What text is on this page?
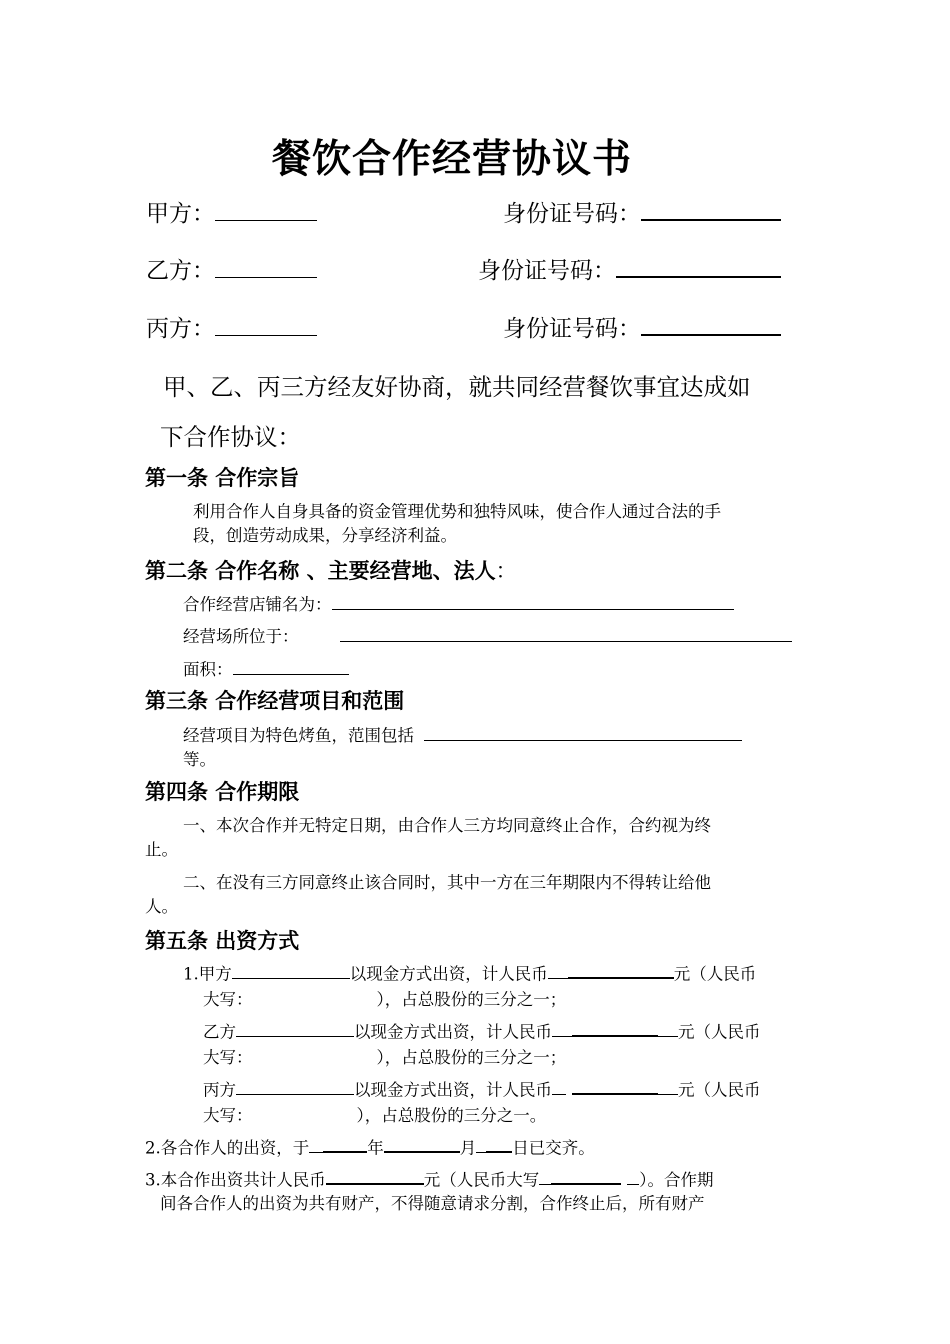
餐饮合作经营协议书
甲方：	身份证号码：
乙方：	身份证号码：
丙方：	身份证号码：
甲、乙、丙三方经友好协商，就共同经营餐饮事宜达成如
下合作协议：
第一条 合作宗旨
利用合作人自身具备的资金管理优势和独特风味，使合作人通过合法的手
段，创造劳动成果，分享经济利益。
第二条 合作名称 、主要经营地、法人：
合作经营店铺名为：
经营场所位于：
面积：
第三条 合作经营项目和范围
经营项目为特色烤鱼，范围包括
等。
第四条 合作期限
一、本次合作并无特定日期，由合作人三方均同意终止合作，合约视为终
止。
二、在没有三方同意终止该合同时，其中一方在三年期限内不得转让给他
人。
第五条 出资方式
1.甲方	以现金方式出资，计人民币	元（人民币
大写：	），占总股份的三分之一；
乙方	以现金方式出资，计人民币	元（人民币
大写：	），占总股份的三分之一；
丙方	以现金方式出资，计人民币	元（人民币
大写：	），占总股份的三分之一。
2.各合作人的出资，于	年	月 日已交齐。
3.本合作出资共计人民币	元（人民币大写	）。合作期
间各合作人的出资为共有财产，不得随意请求分割，合作终止后，所有财产
